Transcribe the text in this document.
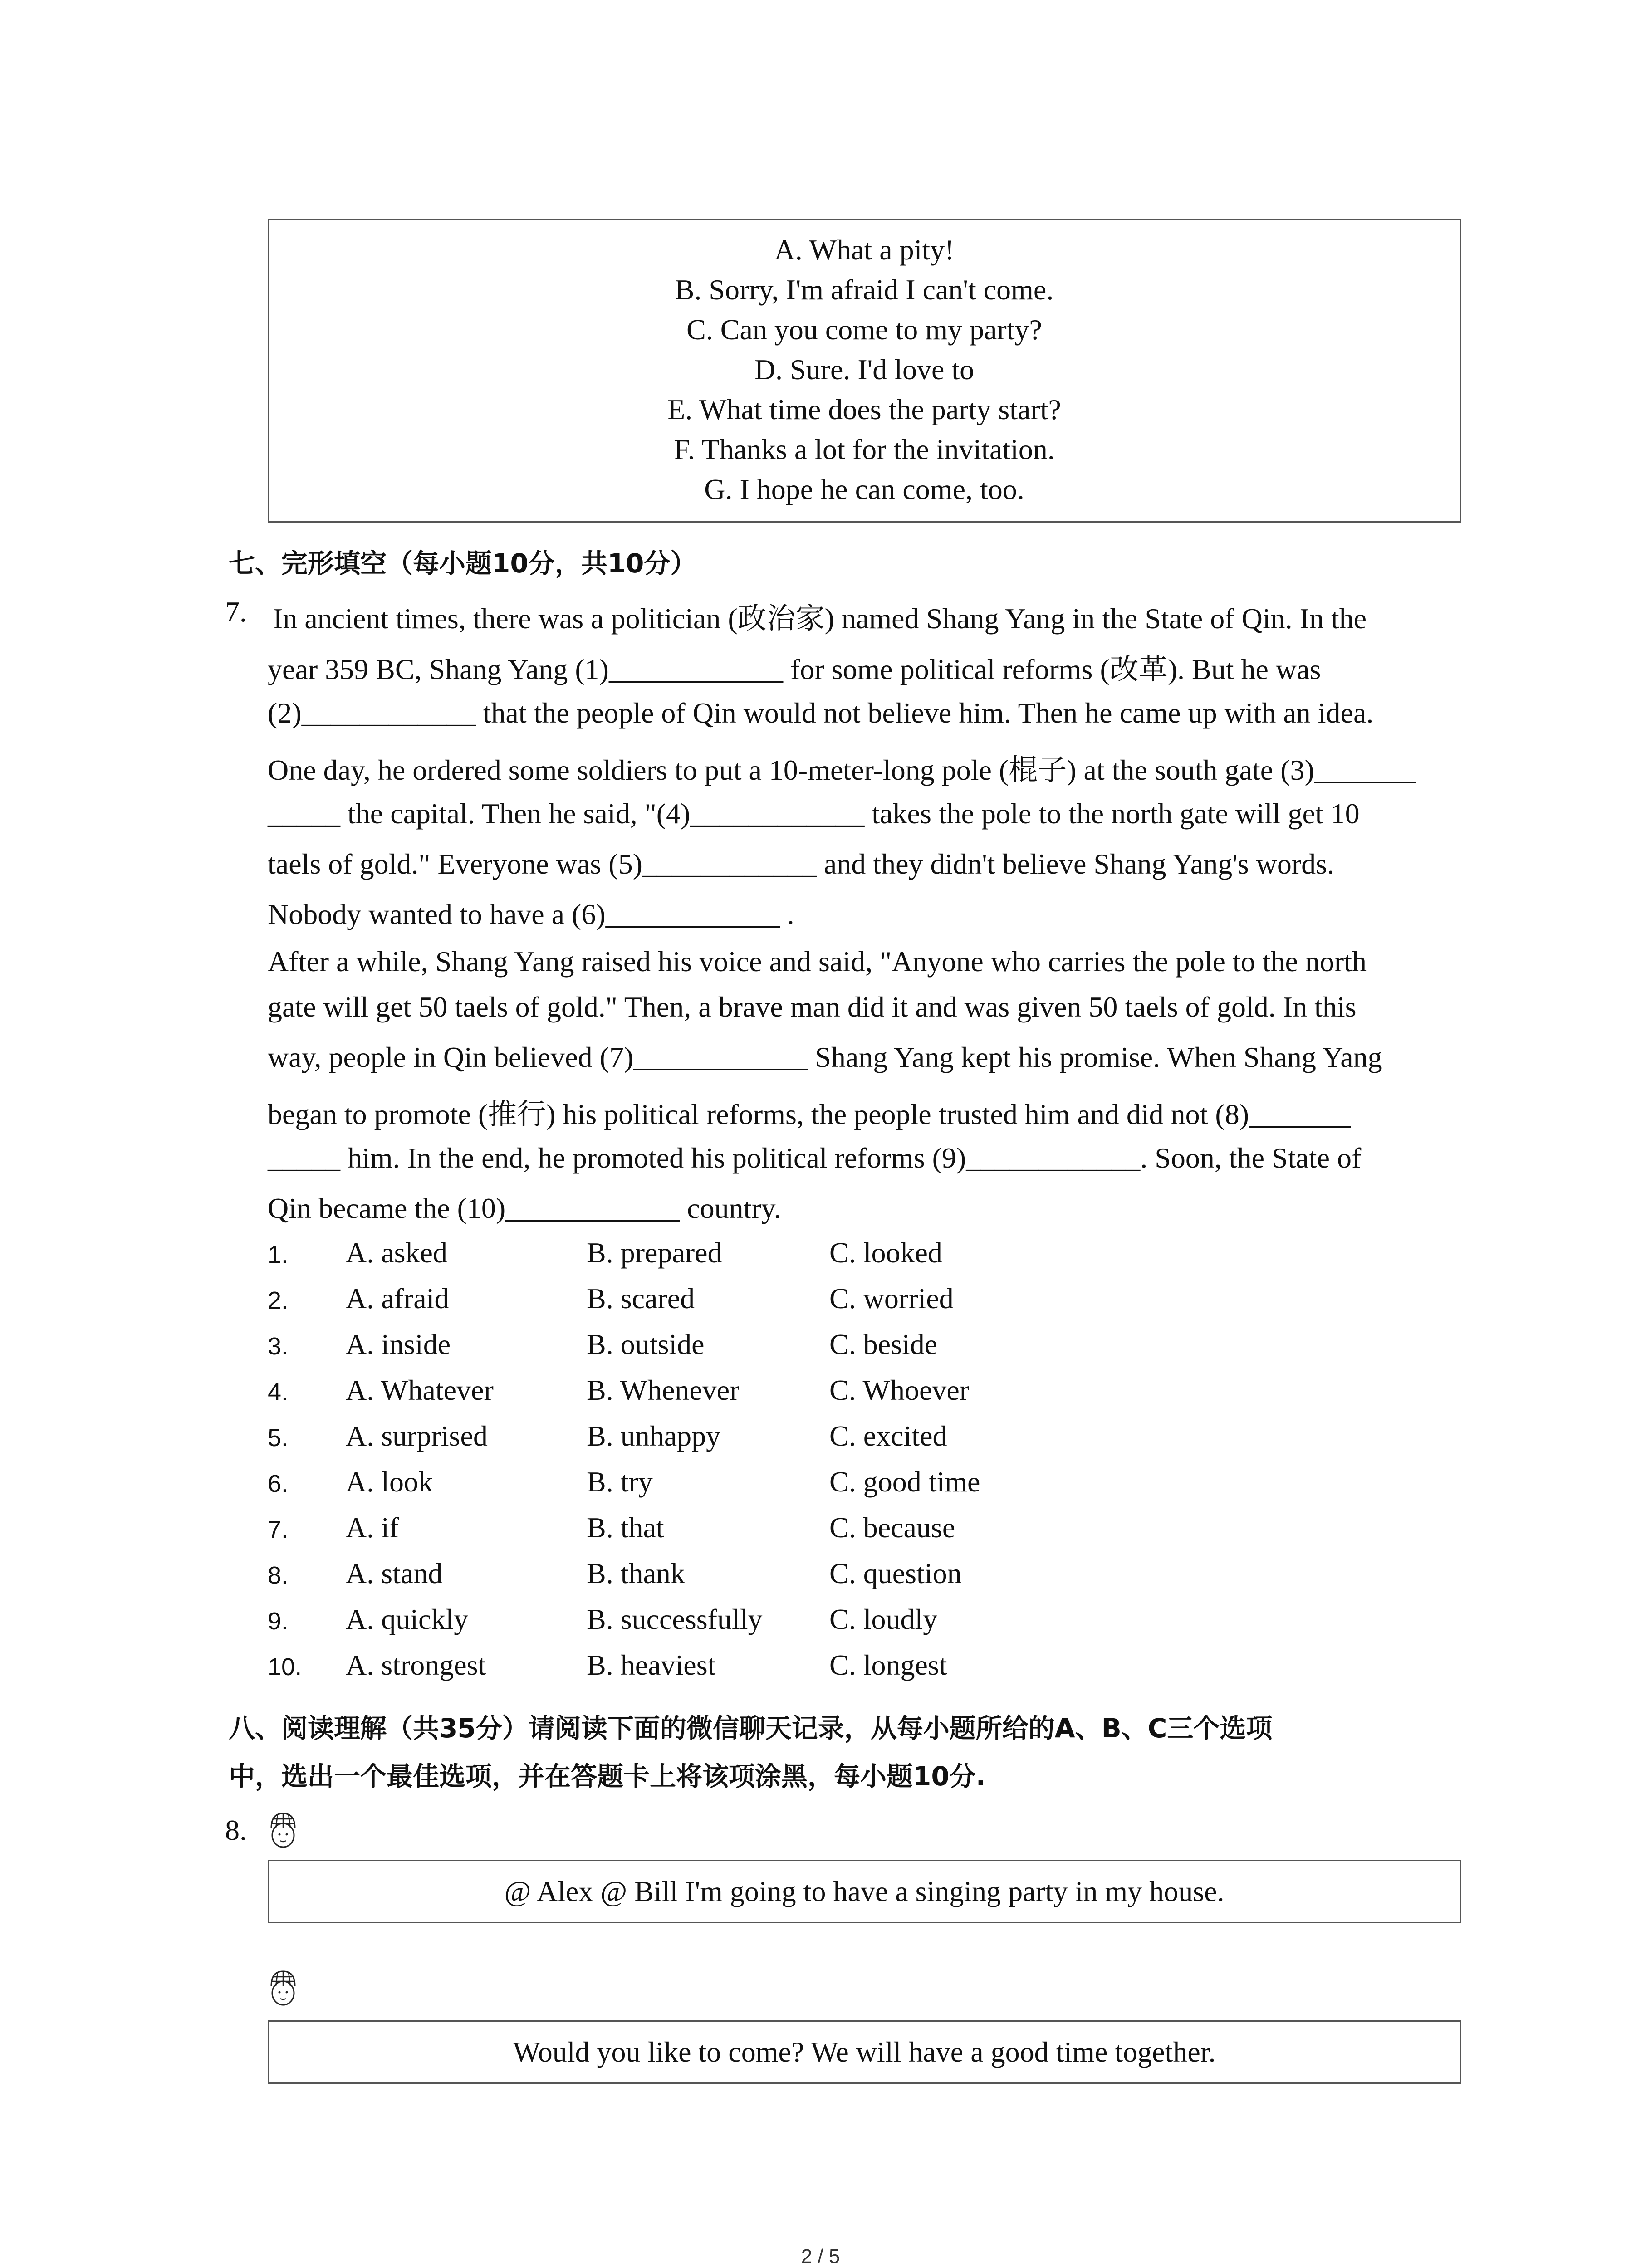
A. What a pity!
B. Sorry, I'm afraid I can't come.
C. Can you come to my party?
D. Sure. I'd love to
E. What time does the party start?
F. Thanks a lot for the invitation.
G. I hope he can come, too.
七、完形填空（每小题10分，共10分）
7. In ancient times, there was a politician (政治家) named Shang Yang in the State of Qin. In the
year 359 BC, Shang Yang (1)____________ for some political reforms (改革). But he was
(2)____________ that the people of Qin would not believe him. Then he came up with an idea.
One day, he ordered some soldiers to put a 10-meter-long pole (棍子) at the south gate (3)_______
_____ the capital. Then he said, "(4)____________ takes the pole to the north gate will get 10
taels of gold." Everyone was (5)____________ and they didn't believe Shang Yang's words.
Nobody wanted to have a (6)____________ .
After a while, Shang Yang raised his voice and said, "Anyone who carries the pole to the north
gate will get 50 taels of gold." Then, a brave man did it and was given 50 taels of gold. In this
way, people in Qin believed (7)____________ Shang Yang kept his promise. When Shang Yang
began to promote (推行) his political reforms, the people trusted him and did not (8)_______
_____ him. In the end, he promoted his political reforms (9)____________. Soon, the State of
Qin became the (10)____________ country.
1. A. asked	B. prepared	C. looked
2. A. afraid	B. scared	C. worried
3. A. inside	B. outside	C. beside
4. A. Whatever	B. Whenever	C. Whoever
5. A. surprised	B. unhappy	C. excited
6. A. look	B. try	C. good time
7. A. if	B. that	C. because
8. A. stand	B. thank	C. question
9. A. quickly	B. successfully C. loudly
10. A. strongest	B. heaviest	C. longest
八、阅读理解（共35分）请阅读下面的微信聊天记录，从每小题所给的A、B、C三个选项
中，选出一个最佳选项，并在答题卡上将该项涂黑，每小题10分.
8.
@ Alex @ Bill I'm going to have a singing party in my house.
Would you like to come? We will have a good time together.
2 / 5
